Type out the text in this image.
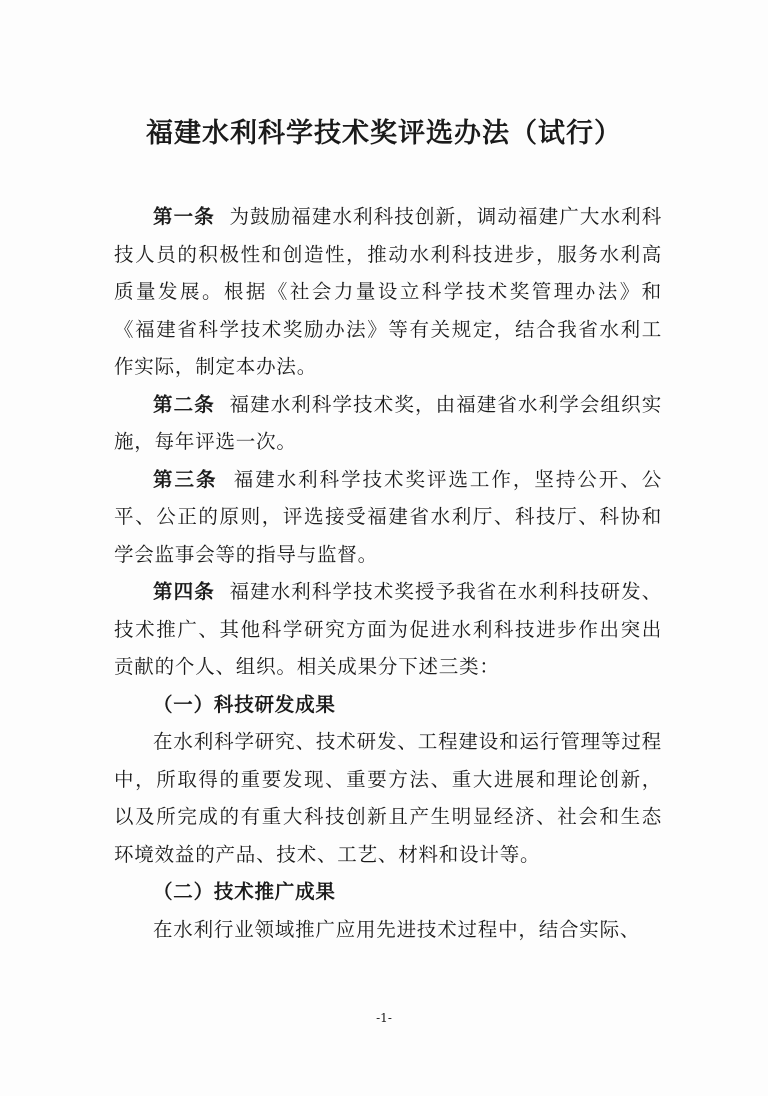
福建水利科学技术奖评选办法（试行）

第一条 为鼓励福建水利科技创新，调动福建广大水利科技人员的积极性和创造性，推动水利科技进步，服务水利高质量发展。根据《社会力量设立科学技术奖管理办法》和《福建省科学技术奖励办法》等有关规定，结合我省水利工作实际，制定本办法。

第二条 福建水利科学技术奖，由福建省水利学会组织实施，每年评选一次。

第三条 福建水利科学技术奖评选工作，坚持公开、公平、公正的原则，评选接受福建省水利厅、科技厅、科协和学会监事会等的指导与监督。

第四条 福建水利科学技术奖授予我省在水利科技研发、技术推广、其他科学研究方面为促进水利科技进步作出突出贡献的个人、组织。相关成果分下述三类：

（一）科技研发成果

在水利科学研究、技术研发、工程建设和运行管理等过程中，所取得的重要发现、重要方法、重大进展和理论创新，以及所完成的有重大科技创新且产生明显经济、社会和生态环境效益的产品、技术、工艺、材料和设计等。

（二）技术推广成果

在水利行业领域推广应用先进技术过程中，结合实际、

-1-
